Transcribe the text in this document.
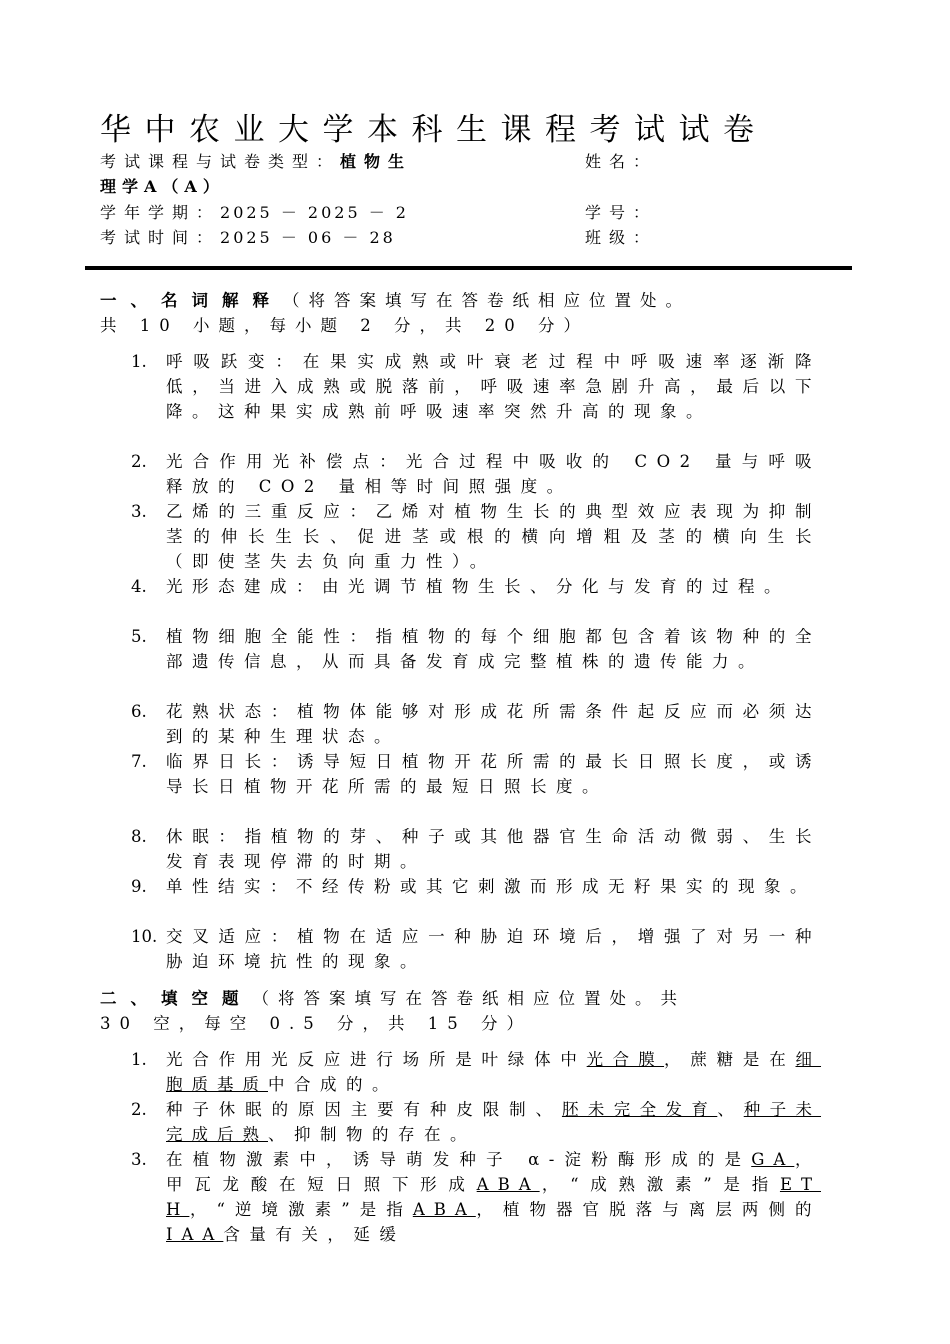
华中农业大学本科生课程考试试卷
考试课程与试卷类型：植物生	姓名：
理学A（A）
学年学期：2025 － 2025 － 2	学号：
考试时间：2025 － 06 － 28	班级：
一、名词解释（将答案填写在答卷纸相应位置处。
共 10 小题，每小题 2 分，共 20 分）
1. 呼吸跃变：在果实成熟或叶衰老过程中呼吸速率逐渐降低，当进入成熟或脱落前，呼吸速率急剧升高，最后以下降。这种果实成熟前呼吸速率突然升高的现象。
2. 光合作用光补偿点：光合过程中吸收的 CO2 量与呼吸释放的 CO2 量相等时间照强度。
3. 乙烯的三重反应：乙烯对植物生长的典型效应表现为抑制茎的伸长生长、促进茎或根的横向增粗及茎的横向生长（即使茎失去负向重力性）。
4. 光形态建成：由光调节植物生长、分化与发育的过程。
5. 植物细胞全能性：指植物的每个细胞都包含着该物种的全部遗传信息，从而具备发育成完整植株的遗传能力。
6. 花熟状态：植物体能够对形成花所需条件起反应而必须达到的某种生理状态。
7. 临界日长：诱导短日植物开花所需的最长日照长度，或诱导长日植物开花所需的最短日照长度。
8. 休眠：指植物的芽、种子或其他器官生命活动微弱、生长发育表现停滞的时期。
9. 单性结实：不经传粉或其它刺激而形成无籽果实的现象。
10. 交叉适应：植物在适应一种胁迫环境后，增强了对另一种胁迫环境抗性的现象。
二、填空题（将答案填写在答卷纸相应位置处。共
30 空，每空 0.5 分，共 15 分）
1. 光合作用光反应进行场所是叶绿体中光合膜，蔗糖是在细胞质基质中合成的。
2. 种子休眠的原因主要有种皮限制、胚未完全发育、种子未完成后熟、抑制物的存在。
3. 在植物激素中，诱导萌发种子 α-淀粉酶形成的是GA，甲瓦龙酸在短日照下形成ABA，“成熟激素”是指ETH，“逆境激素”是指ABA，植物器官脱落与离层两侧的IAA含量有关，延缓
